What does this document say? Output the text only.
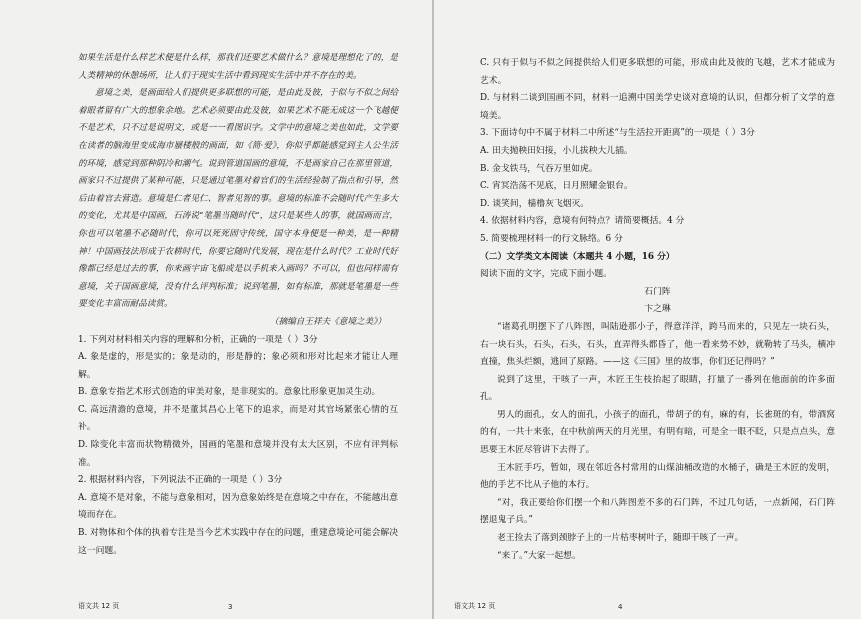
如果生活是什么样艺术便是什么样，那我们还要艺术做什么？意境是理想化了的，是人类精神的休憩场所，让人们于现实生活中看到现实生活中并不存在的美。

意境之美，是画面给人们提供更多联想的可能，是由此及彼，于似与不似之间给着眼者留有广大的想象余地。艺术必须要由此及彼，如果艺术不能无成这一个飞越便不是艺术，只不过是说明文，或是一一看图识字。文学中的意境之美也如此，文学要在读者的脑海里变成海市蜃楼般的画面，如《简·爱》，你似乎都能感觉到主人公生活的环境，感觉到那种阴冷和潮气。说到管道国画的意境，不是画家自己在那里管道，画家只不过提供了某种可能，只是通过笔墨对着官们的生活经验制了指点和引导，然后由着官去营造。意境是仁者见仁、智者见智的事。意境的标准不会随时代产生多大的变化，尤其是中国画，石涛说“笔墨当随时代”，这只是某些人的事，就国画而言，你也可以笔墨不必随时代，你可以死死固守传统，国守本身便是一种美，是一种精神！中国画技法形成于农耕时代，你要它随时代发展，现在是什么时代？工业时代好像都已经是过去的事，你来画宇宙飞船或是以手机来入画吗？不可以，但也同样需有意境，关于国画意境，没有什么评判标准；说到笔墨，如有标准，那就是笔墨是一些要变化丰富而耐品读赏。

（摘编自王祥夫《意境之美》）

1. 下列对材料相关内容的理解和分析，正确的一项是（ ）3分

A. 象是虚的，形是实的；象是动的，形是静的；象必须和形对比起来才能让人理解。

B. 意象专指艺术形式创造的审美对象，是非现实的。意象比形象更加灵生动。

C. 高远清澹的意境，并不是董其昌心上笔下的追求，而是对其官场紧张心情的互补。

D. 除变化丰富而状物精微外，国画的笔墨和意境并没有太大区别，不应有评判标准。

2. 根据材料内容，下列说法不正确的一项是（ ）3分

A. 意境不是对象，不能与意象相对，因为意象始终是在意境之中存在，不能越出意境而存在。

B. 对物体和个体的执着专注是当今艺术实践中存在的问题，重建意境论可能会解决这一问题。

语文共 12 页	3

C. 只有于似与不似之间提供给人们更多联想的可能，形成由此及彼的飞越，艺术才能成为艺术。

D. 与材料二谈到国画不同，材料一追溯中国美学史谈对意境的认识，但都分析了文学的意境美。

3. 下面诗句中不属于材料二中所述“与生活拉开距离”的一项是（ ）3分

A. 田夫抛秧田妇接，小儿拔秧大儿插。

B. 金戈铁马，气吞万里如虎。

C. 宵冥浩荡不见底，日月照耀金银台。

D. 谈笑间，樯橹灰飞烟灭。

4. 依据材料内容，意境有何特点？请简要概括。4 分

5. 简要梳理材料一的行文脉络。6 分

（二）文学类文本阅读（本题共 4 小题，16 分）

阅读下面的文字，完成下面小题。

石门阵

卞之琳

“诸葛孔明摆下了八阵图，叫陆逊那小子，得意洋洋，跨马而来的，只见左一块石头，右一块石头，石头，石头，石头，直弄得头都昏了，他一看来势不妙，就勒转了马头，横冲直撞，焦头烂额，逃回了原路。——这《三国》里的故事，你们还记得吗？”

说到了这里，干咳了一声，木匠王生枝抬起了眼睛，打量了一番列在他面前的许多面孔。

男人的面孔，女人的面孔，小孩子的面孔，带胡子的有，麻的有，长雀斑的有，带酒窝的有，一共十来张，在中秋前两天的月光里，有明有暗，可是全一眼不眨，只是点点头，意思要王木匠尽管讲下去得了。

王木匠手巧，暂如，现在邻近各村常用的山煤油桶改造的水桶子，确是王木匠的发明，他的手艺不比从子他的本行。

“对，我正要给你们摆一个和八阵图差不多的石门阵，不过几句话，一点新闻，石门阵摆退鬼子兵。”

老王捡去了落到颈脖子上的一片枯枣树叶子，随即干咳了一声。

“来了。”大家一起想。

语文共 12 页	4
